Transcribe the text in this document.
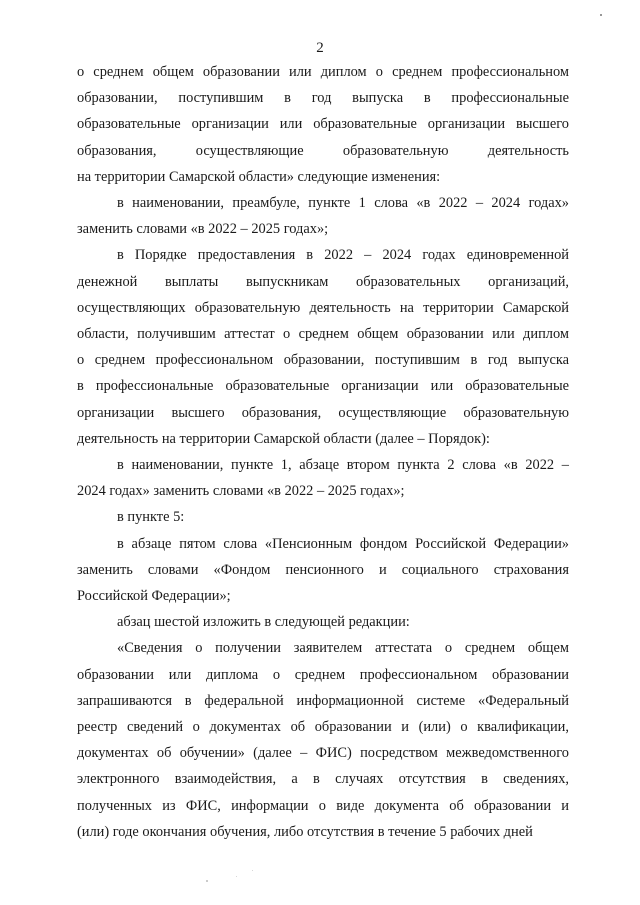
2

о среднем общем образовании или диплом о среднем профессиональном
образовании, поступившим в год выпуска в профессиональные
образовательные организации или образовательные организации высшего
образования, осуществляющие образовательную деятельность
на территории Самарской области» следующие изменения:

в наименовании, преамбуле, пункте 1 слова «в 2022 – 2024 годах»
заменить словами «в 2022 – 2025 годах»;

в Порядке предоставления в 2022 – 2024 годах единовременной
денежной выплаты выпускникам образовательных организаций,
осуществляющих образовательную деятельность на территории Самарской
области, получившим аттестат о среднем общем образовании или диплом
о среднем профессиональном образовании, поступившим в год выпуска
в профессиональные образовательные организации или образовательные
организации высшего образования, осуществляющие образовательную
деятельность на территории Самарской области (далее – Порядок):

в наименовании, пункте 1, абзаце втором пункта 2 слова «в 2022 –
2024 годах» заменить словами «в 2022 – 2025 годах»;

в пункте 5:

в абзаце пятом слова «Пенсионным фондом Российской Федерации»
заменить словами «Фондом пенсионного и социального страхования
Российской Федерации»;

абзац шестой изложить в следующей редакции:

«Сведения о получении заявителем аттестата о среднем общем
образовании или диплома о среднем профессиональном образовании
запрашиваются в федеральной информационной системе «Федеральный
реестр сведений о документах об образовании и (или) о квалификации,
документах об обучении» (далее – ФИС) посредством межведомственного
электронного взаимодействия, а в случаях отсутствия в сведениях,
полученных из ФИС, информации о виде документа об образовании и
(или) годе окончания обучения, либо отсутствия в течение 5 рабочих дней
